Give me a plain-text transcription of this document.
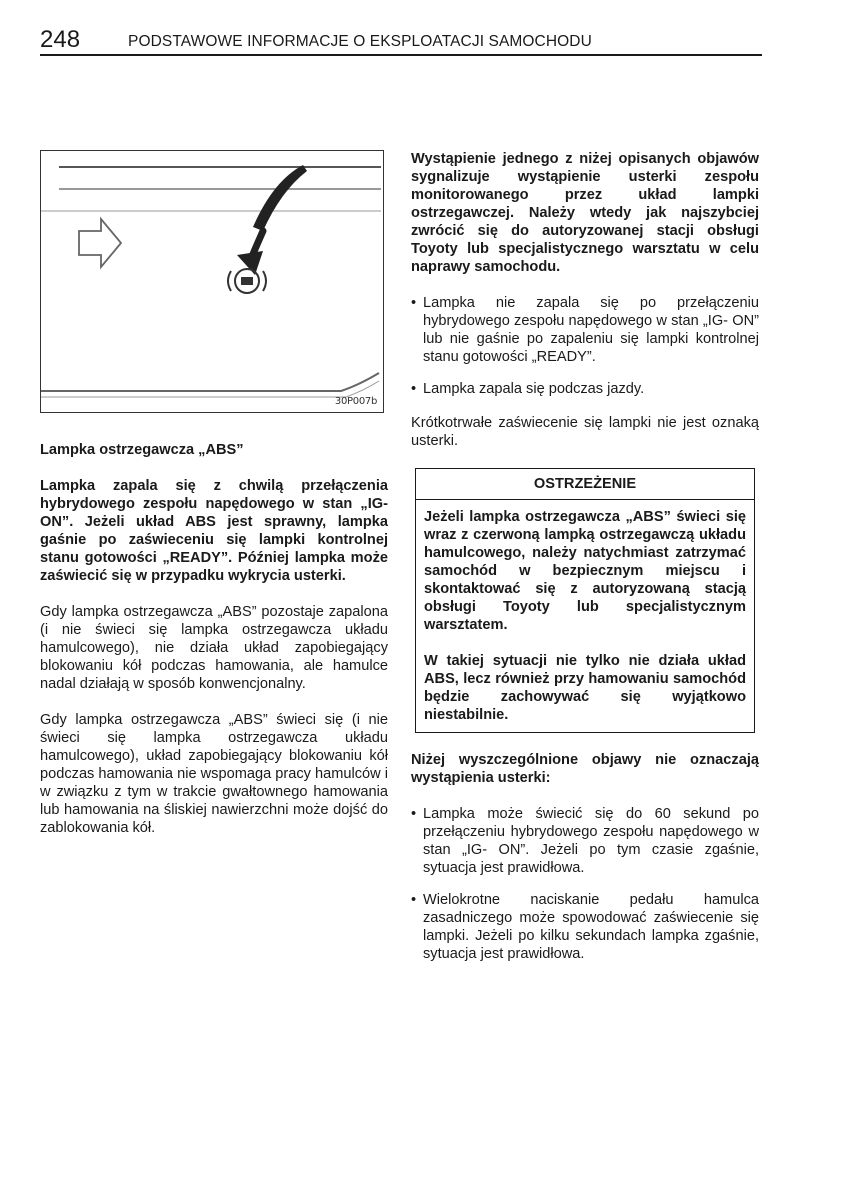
248	PODSTAWOWE INFORMACJE O EKSPLOATACJI SAMOCHODU
30P007b

Lampka ostrzegawcza „ABS”

Lampka zapala się z chwilą przełączenia hybrydowego zespołu napędowego w stan „IG- ON”. Jeżeli układ ABS jest sprawny, lampka gaśnie po zaświeceniu się lampki kontrolnej stanu gotowości „READY”. Później lampka może zaświecić się w przypadku wykrycia usterki.

Gdy lampka ostrzegawcza „ABS” pozostaje zapalona (i nie świeci się lampka ostrzegawcza układu hamulcowego), nie działa układ zapobiegający blokowaniu kół podczas hamowania, ale hamulce nadal działają w sposób konwencjonalny.

Gdy lampka ostrzegawcza „ABS” świeci się (i nie świeci się lampka ostrzegawcza układu hamulcowego), układ zapobiegający blokowaniu kół podczas hamowania nie wspomaga pracy hamulców i w związku z tym w trakcie gwałtownego hamowania lub hamowania na śliskiej nawierzchni może dojść do zablokowania kół.

Wystąpienie jednego z niżej opisanych objawów sygnalizuje wystąpienie usterki zespołu monitorowanego przez układ lampki ostrzegawczej. Należy wtedy jak najszybciej zwrócić się do autoryzowanej stacji obsługi Toyoty lub specjalistycznego warsztatu w celu naprawy samochodu.

• Lampka nie zapala się po przełączeniu hybrydowego zespołu napędowego w stan „IG- ON” lub nie gaśnie po zapaleniu się lampki kontrolnej stanu gotowości „READY”.
• Lampka zapala się podczas jazdy.

Krótkotrwałe zaświecenie się lampki nie jest oznaką usterki.

OSTRZEŻENIE

Jeżeli lampka ostrzegawcza „ABS” świeci się wraz z czerwoną lampką ostrzegawczą układu hamulcowego, należy natychmiast zatrzymać samochód w bezpiecznym miejscu i skontaktować się z autoryzowaną stacją obsługi Toyoty lub specjalistycznym warsztatem.

W takiej sytuacji nie tylko nie działa układ ABS, lecz również przy hamowaniu samochód będzie zachowywać się wyjątkowo niestabilnie.

Niżej wyszczególnione objawy nie oznaczają wystąpienia usterki:

• Lampka może świecić się do 60 sekund po przełączeniu hybrydowego zespołu napędowego w stan „IG- ON”. Jeżeli po tym czasie zgaśnie, sytuacja jest prawidłowa.
• Wielokrotne naciskanie pedału hamulca zasadniczego może spowodować zaświecenie się lampki. Jeżeli po kilku sekundach lampka zgaśnie, sytuacja jest prawidłowa.
